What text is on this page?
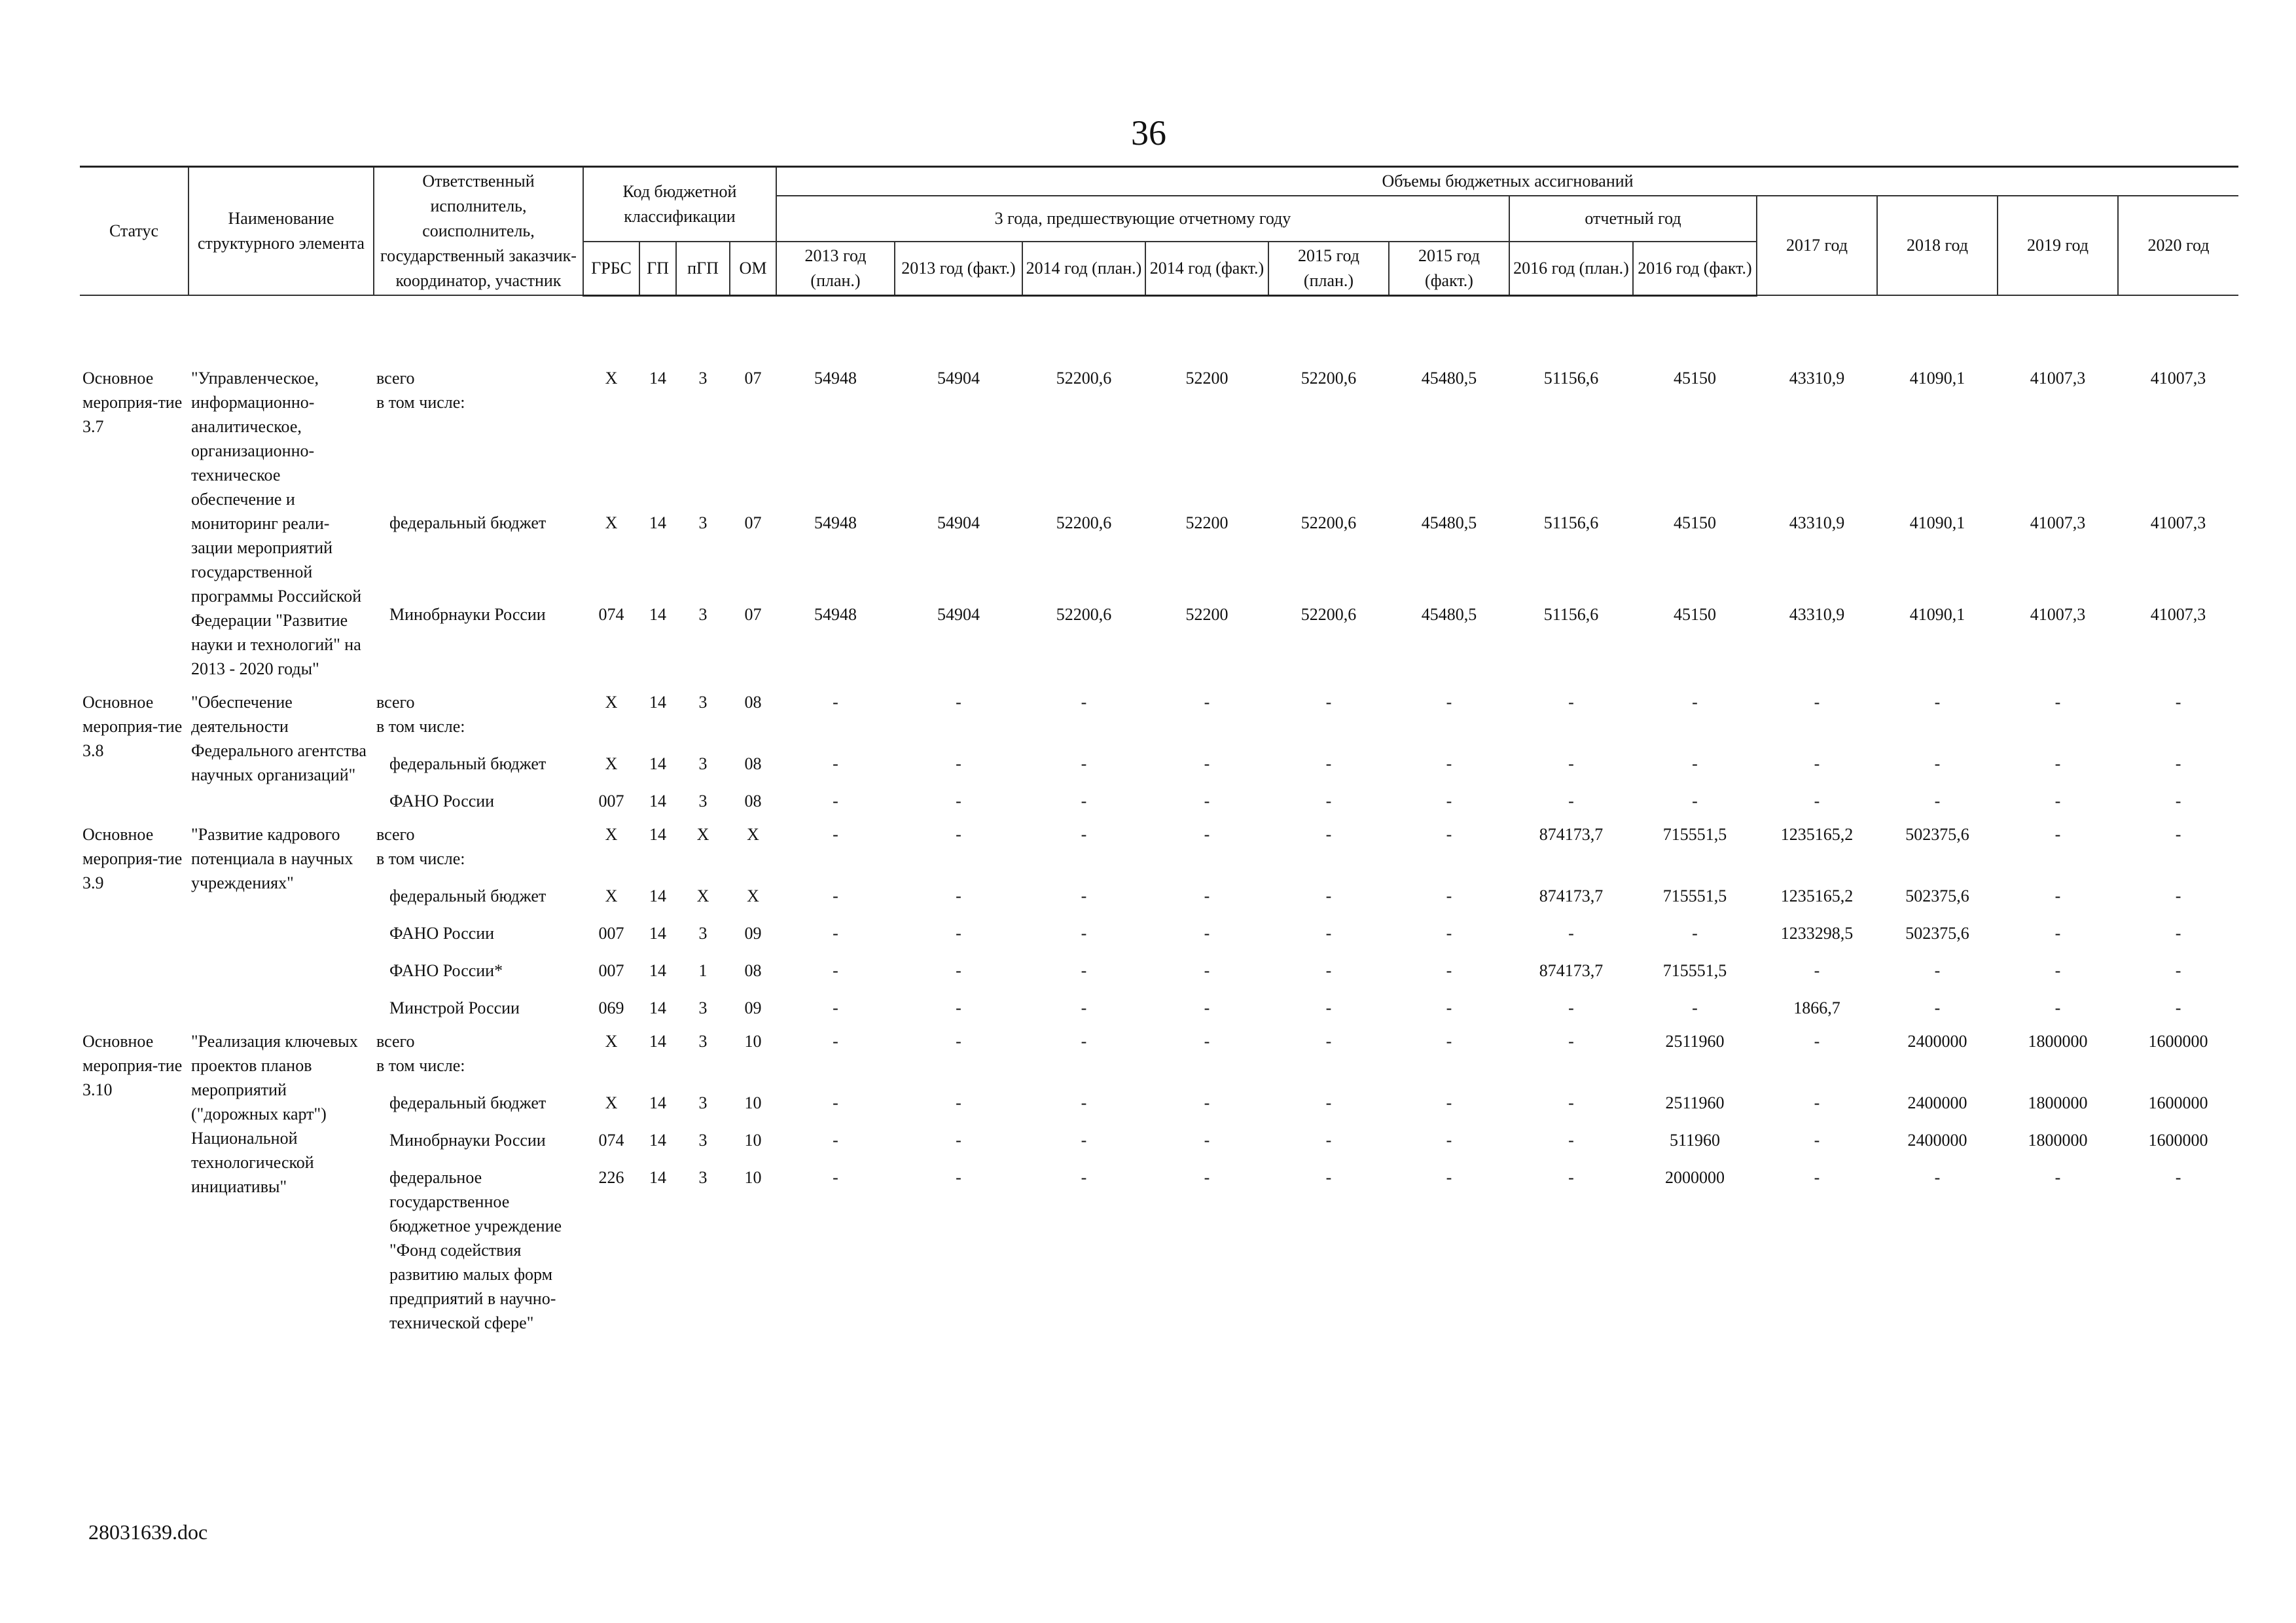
36
Статус	Наименование структурного элемента	Ответственный исполнитель, соисполнитель, государственный заказчик-координатор, участник	Код бюджетной классификации				Объемы бюджетных ассигнований											
							3 года, предшествующие отчетному году						отчетный год		2017 год	2018 год	2019 год	2020 год
			ГРБС	ГП	пГП	ОМ	2013 год (план.)	2013 год (факт.)	2014 год (план.)	2014 год (факт.)	2015 год (план.)	2015 год (факт.)	2016 год (план.)	2016 год (факт.)				

Основное мероприя-тие 3.7	"Управленческое, информационно-аналитическое, организационно-техническое обеспечение и мониторинг реали-зации мероприятий государственной программы Российской Федерации "Развитие науки и технологий" на 2013 - 2020 годы"	всего
в том числе:	Х	14	3	07	54948	54904	52200,6	52200	52200,6	45480,5	51156,6	45150	43310,9	41090,1	41007,3	41007,3
		федеральный бюджет	Х	14	3	07	54948	54904	52200,6	52200	52200,6	45480,5	51156,6	45150	43310,9	41090,1	41007,3	41007,3
		Минобрнауки России	074	14	3	07	54948	54904	52200,6	52200	52200,6	45480,5	51156,6	45150	43310,9	41090,1	41007,3	41007,3
Основное мероприя-тие 3.8	"Обеспечение деятельности Федерального агентства научных организаций"	всего
в том числе:	Х	14	3	08	-	-	-	-	-	-	-	-	-	-	-	-
		федеральный бюджет	Х	14	3	08	-	-	-	-	-	-	-	-	-	-	-	-
		ФАНО России	007	14	3	08	-	-	-	-	-	-	-	-	-	-	-	-
Основное мероприя-тие 3.9	"Развитие кадрового потенциала в научных учреждениях"	всего
в том числе:	Х	14	Х	Х	-	-	-	-	-	-	874173,7	715551,5	1235165,2	502375,6	-	-
		федеральный бюджет	Х	14	Х	Х	-	-	-	-	-	-	874173,7	715551,5	1235165,2	502375,6	-	-
		ФАНО России	007	14	3	09	-	-	-	-	-	-	-	-	1233298,5	502375,6	-	-
		ФАНО России*	007	14	1	08	-	-	-	-	-	-	874173,7	715551,5	-	-	-	-
		Минстрой России	069	14	3	09	-	-	-	-	-	-	-	-	1866,7	-	-	-
Основное мероприя-тие 3.10	"Реализация ключевых проектов планов мероприятий ("дорожных карт") Национальной технологической инициативы"	всего
в том числе:	Х	14	3	10	-	-	-	-	-	-	-	2511960	-	2400000	1800000	1600000
		федеральный бюджет	Х	14	3	10	-	-	-	-	-	-	-	2511960	-	2400000	1800000	1600000
		Минобрнауки России	074	14	3	10	-	-	-	-	-	-	-	511960	-	2400000	1800000	1600000
		федеральное государственное бюджетное учреждение "Фонд содействия развитию малых форм предприятий в научно-технической сфере"	226	14	3	10	-	-	-	-	-	-	-	2000000	-	-	-	-
28031639.doc
